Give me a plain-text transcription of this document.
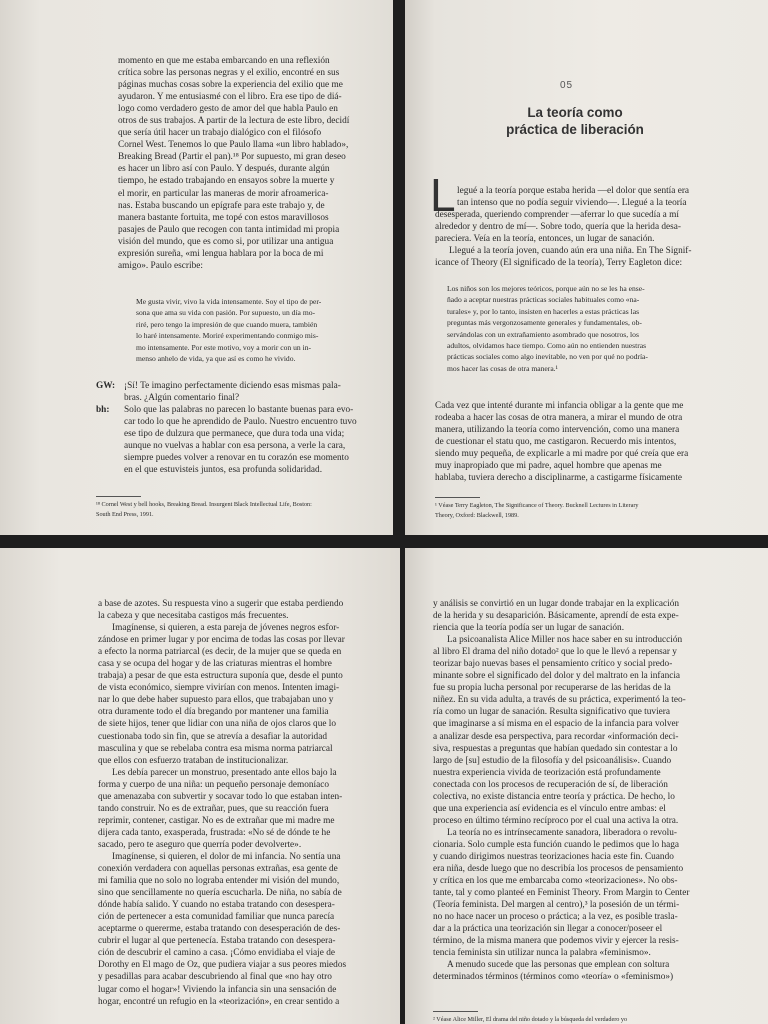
momento en que me estaba embarcando en una reflexión

crítica sobre las personas negras y el exilio, encontré en sus

páginas muchas cosas sobre la experiencia del exilio que me

ayudaron. Y me entusiasmé con el libro. Era ese tipo de diá-

logo como verdadero gesto de amor del que habla Paulo en

otros de sus trabajos. A partir de la lectura de este libro, decidí

que sería útil hacer un trabajo dialógico con el filósofo

Cornel West. Tenemos lo que Paulo llama «un libro hablado»,

Breaking Bread (Partir el pan).¹⁸ Por supuesto, mi gran deseo

es hacer un libro así con Paulo. Y después, durante algún

tiempo, he estado trabajando en ensayos sobre la muerte y

el morir, en particular las maneras de morir afroamerica-

nas. Estaba buscando un epígrafe para este trabajo y, de

manera bastante fortuita, me topé con estos maravillosos

pasajes de Paulo que recogen con tanta intimidad mi propia

visión del mundo, que es como si, por utilizar una antigua

expresión sureña, «mi lengua hablara por la boca de mi

amigo». Paulo escribe:

Me gusta vivir, vivo la vida intensamente. Soy el tipo de per-

sona que ama su vida con pasión. Por supuesto, un día mo-

riré, pero tengo la impresión de que cuando muera, también

lo haré intensamente. Moriré experimentando conmigo mis-

mo intensamente. Por este motivo, voy a morir con un in-

menso anhelo de vida, ya que así es como he vivido.

GW: ¡Sí! Te imagino perfectamente diciendo esas mismas pala-
bras. ¿Algún comentario final?
bh:	Solo que las palabras no parecen lo bastante buenas para evo-
car todo lo que he aprendido de Paulo. Nuestro encuentro tuvo
ese tipo de dulzura que permanece, que dura toda una vida;
aunque no vuelvas a hablar con esa persona, a verle la cara,
siempre puedes volver a renovar en tu corazón ese momento
en el que estuvisteis juntos, esa profunda solidaridad.

¹⁸ Cornel West y bell hooks, Breaking Bread. Insurgent Black Intellectual Life, Boston:

South End Press, 1991.

05
La teoría como
práctica de liberación
L legué a la teoría porque estaba herida —el dolor que sentía era

tan intenso que no podía seguir viviendo—. Llegué a la teoría

desesperada, queriendo comprender —aferrar lo que sucedía a mí

alrededor y dentro de mí—. Sobre todo, quería que la herida desa-

pareciera. Veía en la teoría, entonces, un lugar de sanación.

Llegué a la teoría joven, cuando aún era una niña. En The Signif-

icance of Theory (El significado de la teoría), Terry Eagleton dice:

Los niños son los mejores teóricos, porque aún no se les ha ense-

ñado a aceptar nuestras prácticas sociales habituales como «na-

turales» y, por lo tanto, insisten en hacerles a estas prácticas las

preguntas más vergonzosamente generales y fundamentales, ob-

servándolas con un extrañamiento asombrado que nosotros, los

adultos, olvidamos hace tiempo. Como aún no entienden nuestras

prácticas sociales como algo inevitable, no ven por qué no podría-

mos hacer las cosas de otra manera.¹

Cada vez que intenté durante mi infancia obligar a la gente que me

rodeaba a hacer las cosas de otra manera, a mirar el mundo de otra

manera, utilizando la teoría como intervención, como una manera

de cuestionar el statu quo, me castigaron. Recuerdo mis intentos,

siendo muy pequeña, de explicarle a mi madre por qué creía que era

muy inapropiado que mi padre, aquel hombre que apenas me

hablaba, tuviera derecho a disciplinarme, a castigarme físicamente

¹ Véase Terry Eagleton, The Significance of Theory. Bucknell Lectures in Literary

Theory, Oxford: Blackwell, 1989.

a base de azotes. Su respuesta vino a sugerir que estaba perdiendo

la cabeza y que necesitaba castigos más frecuentes.

Imagínense, si quieren, a esta pareja de jóvenes negros esfor-

zándose en primer lugar y por encima de todas las cosas por llevar

a efecto la norma patriarcal (es decir, de la mujer que se queda en

casa y se ocupa del hogar y de las criaturas mientras el hombre

trabaja) a pesar de que esta estructura suponía que, desde el punto

de vista económico, siempre vivirían con menos. Intenten imagi-

nar lo que debe haber supuesto para ellos, que trabajaban uno y

otra duramente todo el día bregando por mantener una familia

de siete hijos, tener que lidiar con una niña de ojos claros que lo

cuestionaba todo sin fin, que se atrevía a desafiar la autoridad

masculina y que se rebelaba contra esa misma norma patriarcal

que ellos con esfuerzo trataban de institucionalizar.

Les debía parecer un monstruo, presentado ante ellos bajo la

forma y cuerpo de una niña: un pequeño personaje demoníaco

que amenazaba con subvertir y socavar todo lo que estaban inten-

tando construir. No es de extrañar, pues, que su reacción fuera

reprimir, contener, castigar. No es de extrañar que mi madre me

dijera cada tanto, exasperada, frustrada: «No sé de dónde te he

sacado, pero te aseguro que querría poder devolverte».

Imagínense, si quieren, el dolor de mi infancia. No sentía una

conexión verdadera con aquellas personas extrañas, esa gente de

mi familia que no solo no lograba entender mi visión del mundo,

sino que sencillamente no quería escucharla. De niña, no sabía de

dónde había salido. Y cuando no estaba tratando con desespera-

ción de pertenecer a esta comunidad familiar que nunca parecía

aceptarme o quererme, estaba tratando con desesperación de des-

cubrir el lugar al que pertenecía. Estaba tratando con desespera-

ción de descubrir el camino a casa. ¡Cómo envidiaba el viaje de

Dorothy en El mago de Oz, que pudiera viajar a sus peores miedos

y pesadillas para acabar descubriendo al final que «no hay otro

lugar como el hogar»! Viviendo la infancia sin una sensación de

hogar, encontré un refugio en la «teorización», en crear sentido a

y análisis se convirtió en un lugar donde trabajar en la explicación

de la herida y su desaparición. Básicamente, aprendí de esta expe-

riencia que la teoría podía ser un lugar de sanación.

La psicoanalista Alice Miller nos hace saber en su introducción

al libro El drama del niño dotado² que lo que le llevó a repensar y

teorizar bajo nuevas bases el pensamiento crítico y social predo-

minante sobre el significado del dolor y del maltrato en la infancia

fue su propia lucha personal por recuperarse de las heridas de la

niñez. En su vida adulta, a través de su práctica, experimentó la teo-

ría como un lugar de sanación. Resulta significativo que tuviera

que imaginarse a sí misma en el espacio de la infancia para volver

a analizar desde esa perspectiva, para recordar «información deci-

siva, respuestas a preguntas que habían quedado sin contestar a lo

largo de [su] estudio de la filosofía y del psicoanálisis». Cuando

nuestra experiencia vivida de teorización está profundamente

conectada con los procesos de recuperación de sí, de liberación

colectiva, no existe distancia entre teoría y práctica. De hecho, lo

que una experiencia así evidencia es el vínculo entre ambas: el

proceso en último término recíproco por el cual una activa la otra.

La teoría no es intrínsecamente sanadora, liberadora o revolu-

cionaria. Solo cumple esta función cuando le pedimos que lo haga

y cuando dirigimos nuestras teorizaciones hacia este fin. Cuando

era niña, desde luego que no describía los procesos de pensamiento

y crítica en los que me embarcaba como «teorizaciones». No obs-

tante, tal y como planteé en Feminist Theory. From Margin to Center

(Teoría feminista. Del margen al centro),³ la posesión de un térmi-

no no hace nacer un proceso o práctica; a la vez, es posible trasla-

dar a la práctica una teorización sin llegar a conocer/poseer el

término, de la misma manera que podemos vivir y ejercer la resis-

tencia feminista sin utilizar nunca la palabra «feminismo».

A menudo sucede que las personas que emplean con soltura

determinados términos (términos como «teoría» o «feminismo»)

² Véase Alice Miller, El drama del niño dotado y la búsqueda del verdadero yo
